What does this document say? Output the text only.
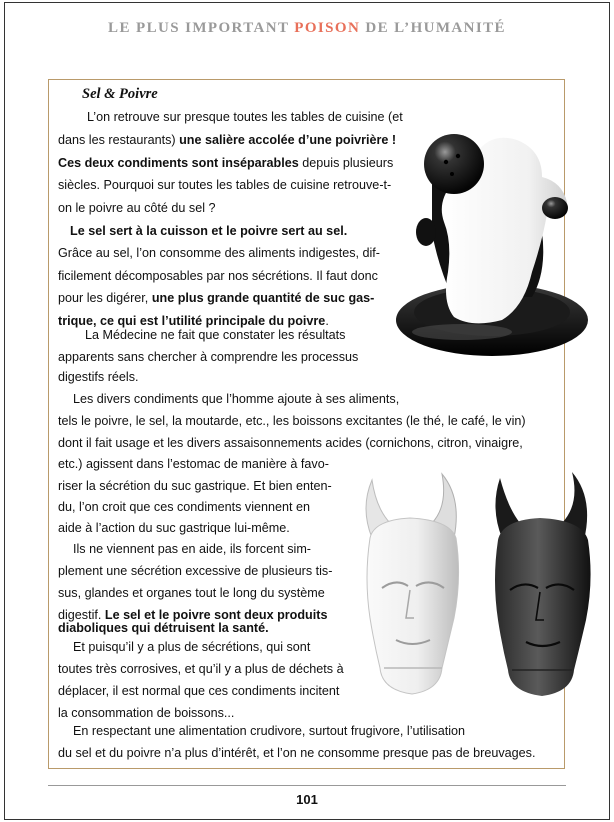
LE PLUS IMPORTANT POISON DE L’HUMANITÉ
Sel & Poivre
L’on retrouve sur presque toutes les tables de cuisine (et
dans les restaurants) une salière accolée d’une poivrière !
Ces deux condiments sont inséparables depuis plusieurs
siècles. Pourquoi sur toutes les tables de cuisine retrouve-t-
on le poivre au côté du sel ?
Le sel sert à la cuisson et le poivre sert au sel.
Grâce au sel, l’on consomme des aliments indigestes, dif-
ficilement décomposables par nos sécrétions. Il faut donc
pour les digérer, une plus grande quantité de suc gas-
trique, ce qui est l’utilité principale du poivre.
La Médecine ne fait que constater les résultats
apparents sans chercher à comprendre les processus
digestifs réels.
Les divers condiments que l’homme ajoute à ses aliments,
tels le poivre, le sel, la moutarde, etc., les boissons excitantes (le thé, le café, le vin)
dont il fait usage et les divers assaisonnements acides (cornichons, citron, vinaigre,
etc.) agissent dans l’estomac de manière à favo-
riser la sécrétion du suc gastrique. Et bien enten-
du, l’on croit que ces condiments viennent en
aide à l’action du suc gastrique lui-même.
Ils ne viennent pas en aide, ils forcent sim-
plement une sécrétion excessive de plusieurs tis-
sus, glandes et organes tout le long du système
digestif. Le sel et le poivre sont deux produits
diaboliques qui détruisent la santé.
Et puisqu’il y a plus de sécrétions, qui sont
toutes très corrosives, et qu’il y a plus de déchets à
déplacer, il est normal que ces condiments incitent
la consommation de boissons...
En respectant une alimentation crudivore, surtout frugivore, l’utilisation
du sel et du poivre n’a plus d’intérêt, et l’on ne consomme presque pas de breuvages.
101
